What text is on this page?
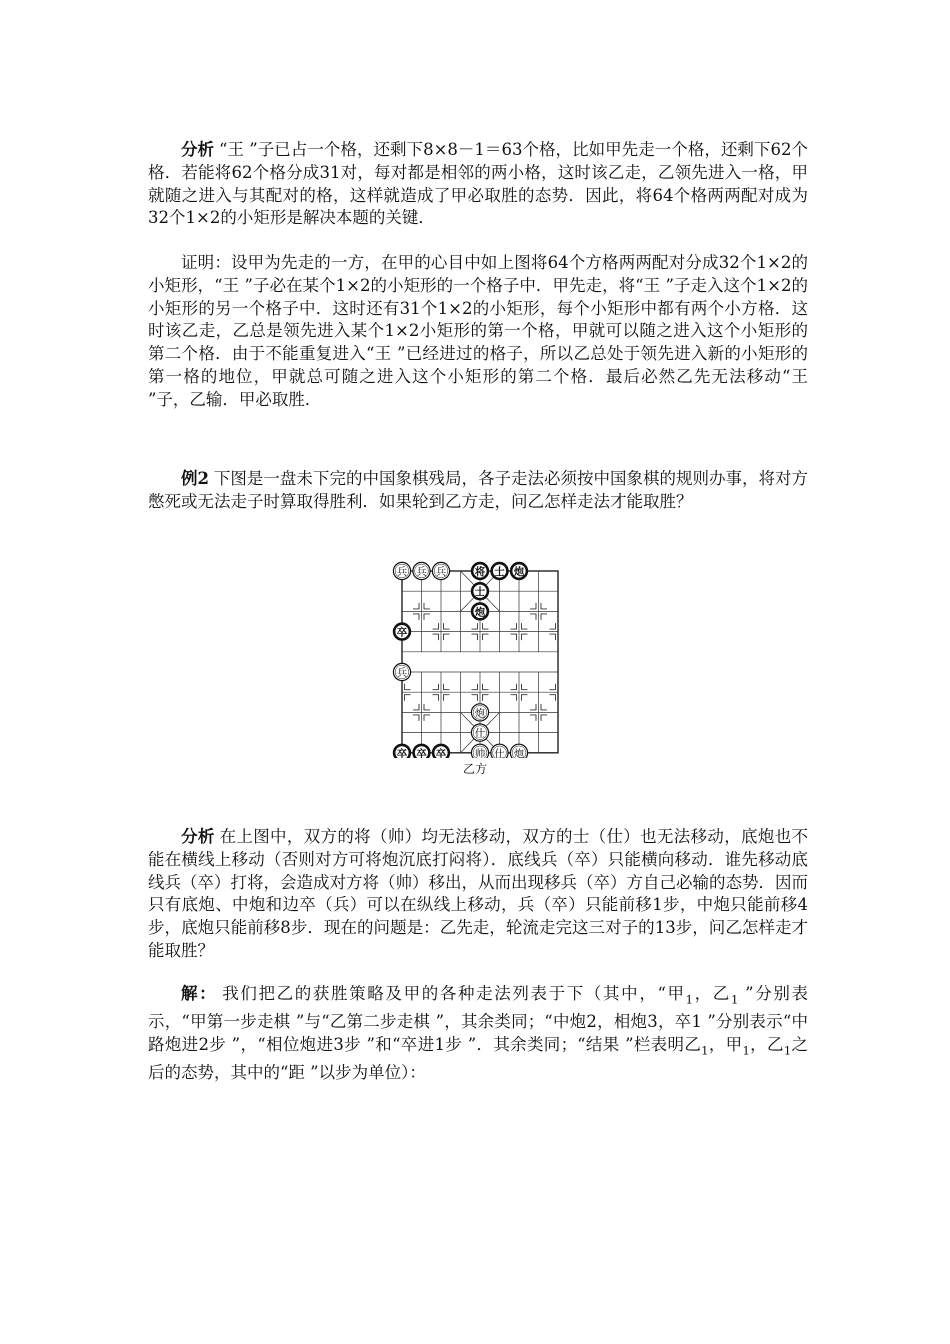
分析 “王 ”子已占一个格，还剩下8×8－1＝63个格，比如甲先走一个格，还剩下62个格．若能将62个格分成31对，每对都是相邻的两小格，这时该乙走，乙领先进入一格，甲就随之进入与其配对的格，这样就造成了甲必取胜的态势．因此，将64个格两两配对成为32个1×2的小矩形是解决本题的关键．

证明：设甲为先走的一方，在甲的心目中如上图将64个方格两两配对分成32个1×2的小矩形，“王 ”子必在某个1×2的小矩形的一个格子中．甲先走，将“王 ”子走入这个1×2的小矩形的另一个格子中．这时还有31个1×2的小矩形，每个小矩形中都有两个小方格．这时该乙走，乙总是领先进入某个1×2小矩形的第一个格，甲就可以随之进入这个小矩形的第二个格．由于不能重复进入“王 ”已经进过的格子，所以乙总处于领先进入新的小矩形的第一格的地位，甲就总可随之进入这个小矩形的第二个格．最后必然乙先无法移动“王 ”子，乙输．甲必取胜．

例2 下图是一盘未下完的中国象棋残局，各子走法必须按中国象棋的规则办事，将对方憋死或无法走子时算取得胜利．如果轮到乙方走，问乙怎样走法才能取胜？

兵 兵 兵	将 士 炮
士
炮
卒
兵
炮
仕
卒 卒 卒	帅 仕 炮
乙方

分析 在上图中，双方的将（帅）均无法移动，双方的士（仕）也无法移动，底炮也不能在横线上移动（否则对方可将炮沉底打闷将）．底线兵（卒）只能横向移动．谁先移动底线兵（卒）打将，会造成对方将（帅）移出，从而出现移兵（卒）方自己必输的态势．因而只有底炮、中炮和边卒（兵）可以在纵线上移动，兵（卒）只能前移1步，中炮只能前移4步，底炮只能前移8步．现在的问题是：乙先走，轮流走完这三对子的13步，问乙怎样走才能取胜？

解： 我们把乙的获胜策略及甲的各种走法列表于下（其中，“甲$_1$，乙$_1$ ”分别表示，“甲第一步走棋 ”与“乙第二步走棋 ”，其余类同；“中炮2，相炮3，卒1 ”分别表示“中路炮进2步 ”，“相位炮进3步 ”和“卒进1步 ”．其余类同；“结果 ”栏表明乙$_1$，甲$_1$，乙$_1$之后的态势，其中的“距 ”以步为单位）：
